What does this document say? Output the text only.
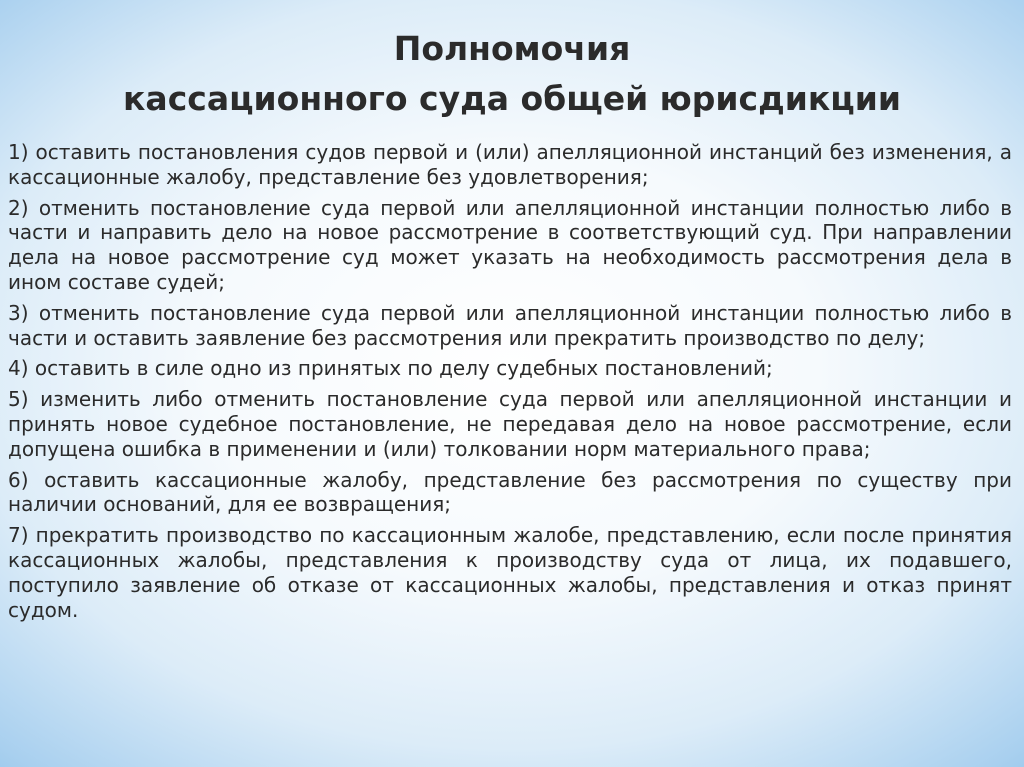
Полномочия
кассационного суда общей юрисдикции

1) оставить постановления судов первой и (или) апелляционной инстанций без изменения, а кассационные жалобу, представление без удовлетворения;

2) отменить постановление суда первой или апелляционной инстанции полностью либо в части и направить дело на новое рассмотрение в соответствующий суд. При направлении дела на новое рассмотрение суд может указать на необходимость рассмотрения дела в ином составе судей;

3) отменить постановление суда первой или апелляционной инстанции полностью либо в части и оставить заявление без рассмотрения или прекратить производство по делу;

4) оставить в силе одно из принятых по делу судебных постановлений;

5) изменить либо отменить постановление суда первой или апелляционной инстанции и принять новое судебное постановление, не передавая дело на новое рассмотрение, если допущена ошибка в применении и (или) толковании норм материального права;

6) оставить кассационные жалобу, представление без рассмотрения по существу при наличии оснований, для ее возвращения;

7) прекратить производство по кассационным жалобе, представлению, если после принятия кассационных жалобы, представления к производству суда от лица, их подавшего, поступило заявление об отказе от кассационных жалобы, представления и отказ принят судом.
